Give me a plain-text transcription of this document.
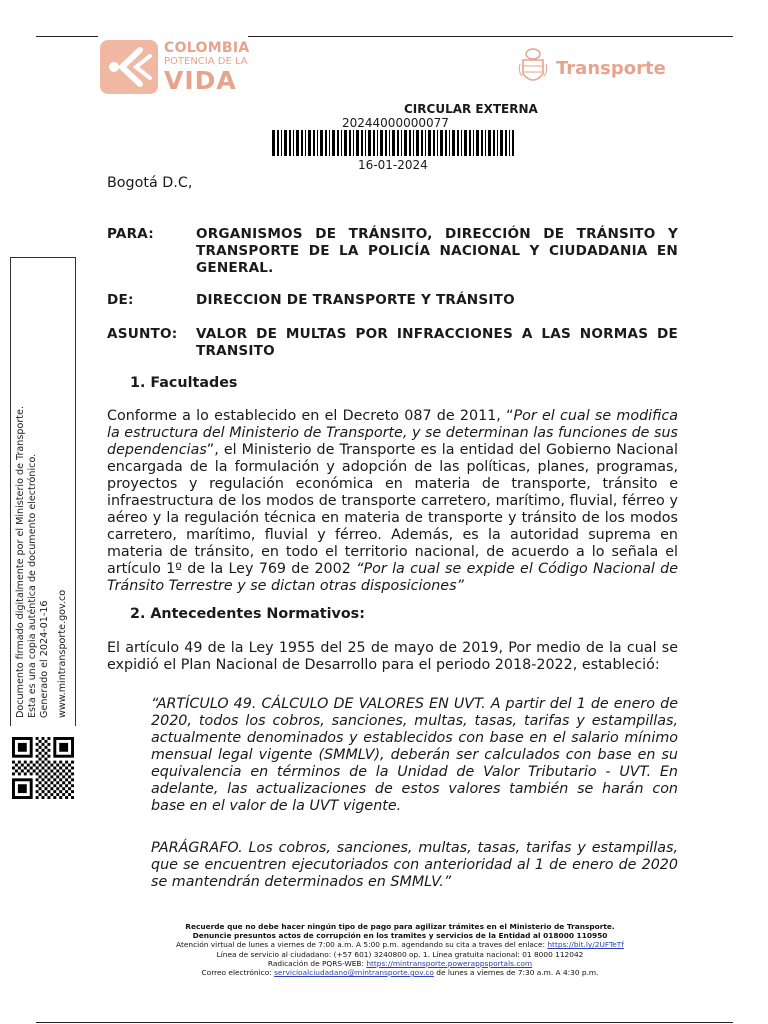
COLOMBIA
POTENCIA DE LA
VIDA	Transporte
CIRCULAR EXTERNA
20244000000077
16-01-2024
Bogotá D.C,
PARA:	ORGANISMOS DE TRÁNSITO, DIRECCIÓN DE TRÁNSITO Y TRANSPORTE DE LA POLICÍA NACIONAL Y CIUDADANIA EN GENERAL.
DE:	DIRECCION DE TRANSPORTE Y TRÁNSITO
ASUNTO: VALOR DE MULTAS POR INFRACCIONES A LAS NORMAS DE TRANSITO
1. Facultades
Conforme a lo establecido en el Decreto 087 de 2011, “Por el cual se modifica la estructura del Ministerio de Transporte, y se determinan las funciones de sus dependencias”, el Ministerio de Transporte es la entidad del Gobierno Nacional encargada de la formulación y adopción de las políticas, planes, programas, proyectos y regulación económica en materia de transporte, tránsito e infraestructura de los modos de transporte carretero, marítimo, fluvial, férreo y aéreo y la regulación técnica en materia de transporte y tránsito de los modos carretero, marítimo, fluvial y férreo. Además, es la autoridad suprema en materia de tránsito, en todo el territorio nacional, de acuerdo a lo señala el artículo 1º de la Ley 769 de 2002 “Por la cual se expide el Código Nacional de Tránsito Terrestre y se dictan otras disposiciones”
2. Antecedentes Normativos:
El artículo 49 de la Ley 1955 del 25 de mayo de 2019, Por medio de la cual se expidió el Plan Nacional de Desarrollo para el periodo 2018-2022, estableció:
“ARTÍCULO 49. CÁLCULO DE VALORES EN UVT. A partir del 1 de enero de 2020, todos los cobros, sanciones, multas, tasas, tarifas y estampillas, actualmente denominados y establecidos con base en el salario mínimo mensual legal vigente (SMMLV), deberán ser calculados con base en su equivalencia en términos de la Unidad de Valor Tributario - UVT. En adelante, las actualizaciones de estos valores también se harán con base en el valor de la UVT vigente.
PARÁGRAFO. Los cobros, sanciones, multas, tasas, tarifas y estampillas, que se encuentren ejecutoriados con anterioridad al 1 de enero de 2020 se mantendrán determinados en SMMLV.”
Documento firmado digitalmente por el Ministerio de Transporte. Esta es una copia auténtica de documento electrónico. Generado el 2024-01-16 www.mintransporte.gov.co
Recuerde que no debe hacer ningún tipo de pago para agilizar trámites en el Ministerio de Transporte.
Denuncie presuntos actos de corrupción en los tramites y servicios de la Entidad al 018000 110950
Atención virtual de lunes a viernes de 7:00 a.m. A 5:00 p.m. agendando su cita a traves del enlace: https://bit.ly/2UFTeTf
Línea de servicio al ciudadano: (+57 601) 3240800 op. 1. Línea gratuita nacional: 01 8000 112042
Radicación de PQRS-WEB: https://mintransporte.powerappsportals.com
Correo electrónico: servicioalciudadano@mintransporte.gov.co de lunes a viernes de 7:30 a.m. A 4:30 p.m.
